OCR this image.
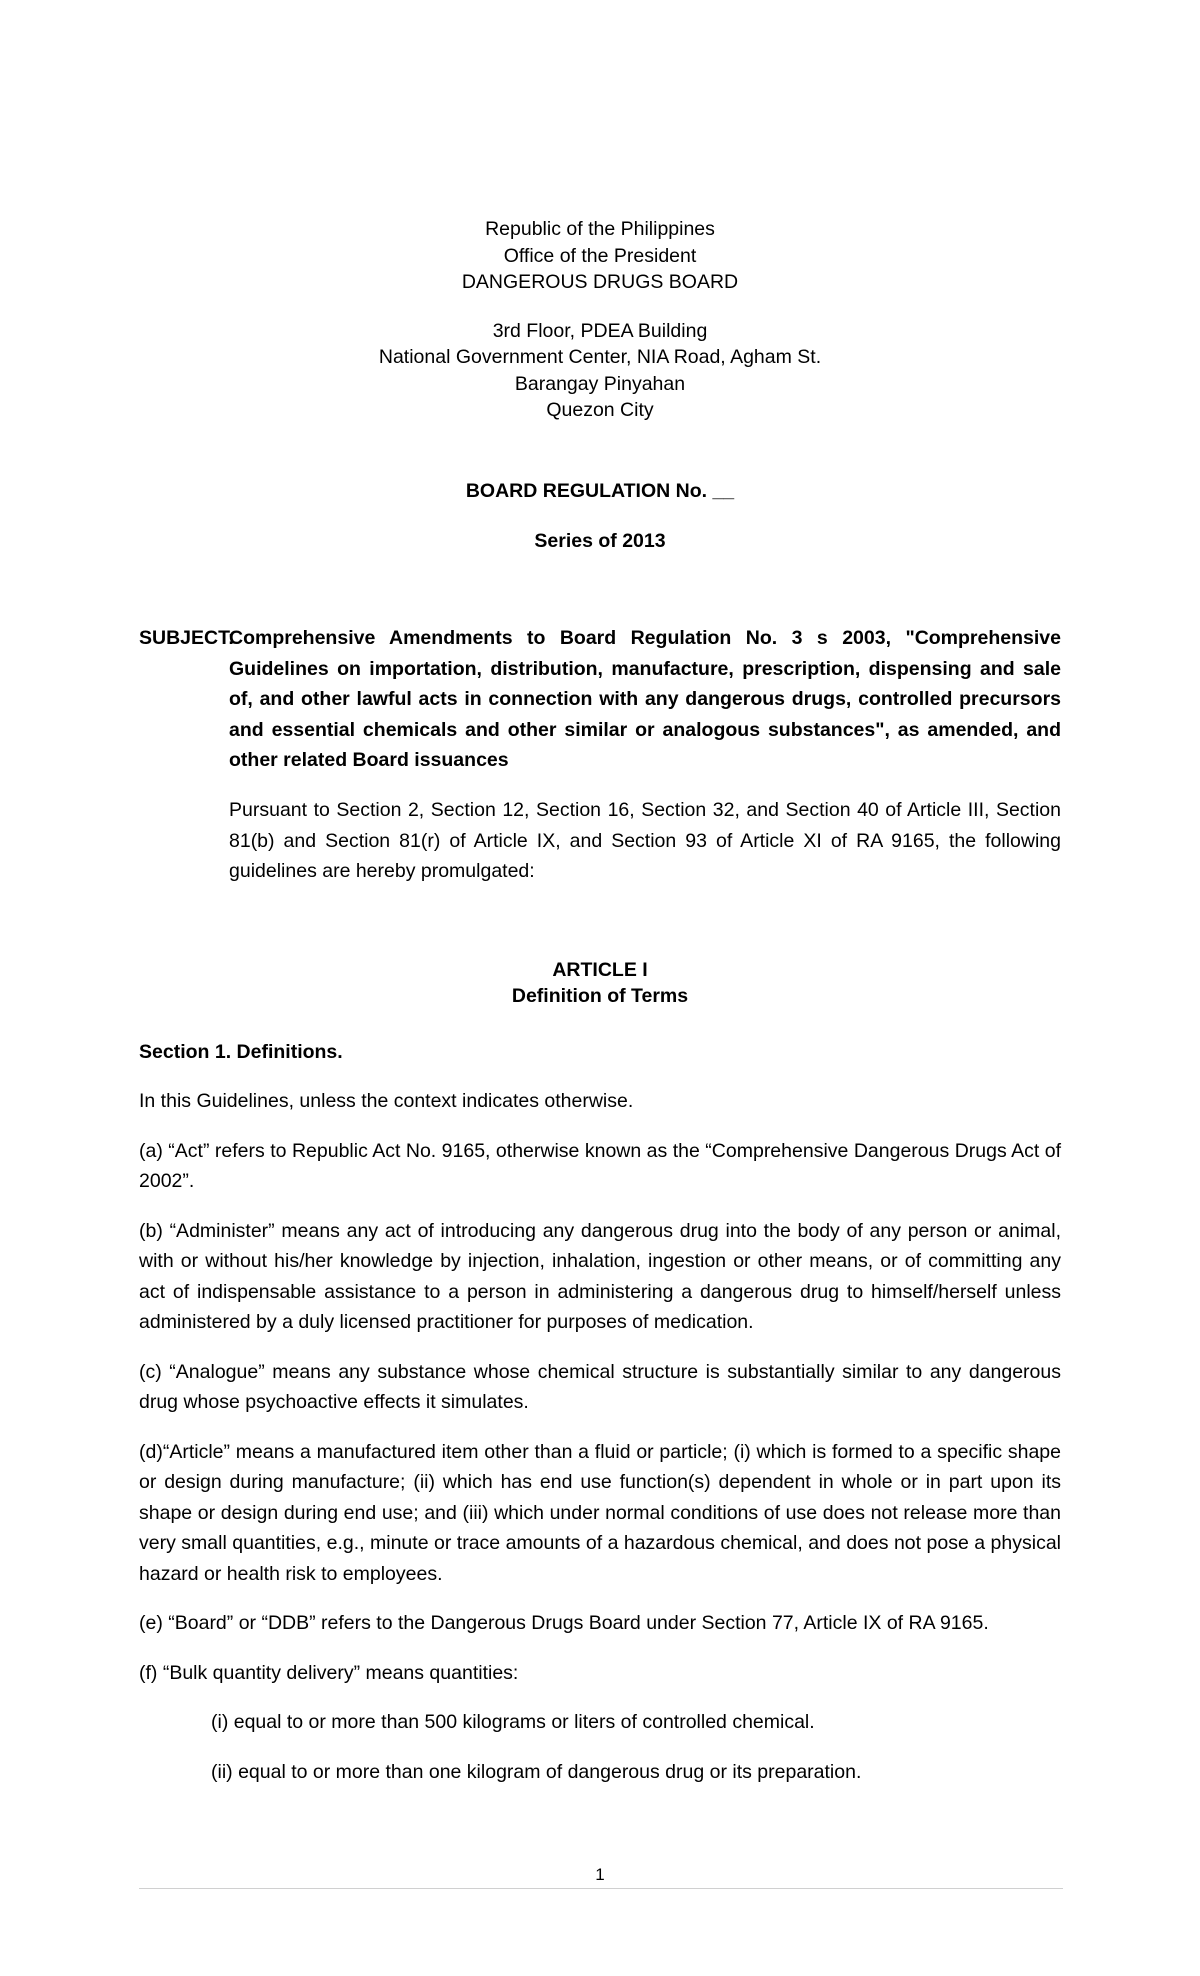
Republic of the Philippines
Office of the President
DANGEROUS DRUGS BOARD
3rd Floor, PDEA Building
National Government Center, NIA Road, Agham St.
Barangay Pinyahan
Quezon City
BOARD REGULATION No. __
Series of 2013
SUBJECT:
Comprehensive Amendments to Board Regulation No. 3 s 2003, "Comprehensive Guidelines on importation, distribution, manufacture, prescription, dispensing and sale of, and other lawful acts in connection with any dangerous drugs, controlled precursors and essential chemicals and other similar or analogous substances", as amended, and other related Board issuances
Pursuant to Section 2, Section 12, Section 16, Section 32, and Section 40 of Article III, Section 81(b) and Section 81(r) of Article IX, and Section 93 of Article XI of RA 9165, the following guidelines are hereby promulgated:
ARTICLE I
Definition of Terms
Section 1. Definitions.

In this Guidelines, unless the context indicates otherwise.

(a) “Act” refers to Republic Act No. 9165, otherwise known as the “Comprehensive Dangerous Drugs Act of 2002”.

(b) “Administer” means any act of introducing any dangerous drug into the body of any person or animal, with or without his/her knowledge by injection, inhalation, ingestion or other means, or of committing any act of indispensable assistance to a person in administering a dangerous drug to himself/herself unless administered by a duly licensed practitioner for purposes of medication.

(c) “Analogue” means any substance whose chemical structure is substantially similar to any dangerous drug whose psychoactive effects it simulates.

(d)“Article” means a manufactured item other than a fluid or particle; (i) which is formed to a specific shape or design during manufacture; (ii) which has end use function(s) dependent in whole or in part upon its shape or design during end use; and (iii) which under normal conditions of use does not release more than very small quantities, e.g., minute or trace amounts of a hazardous chemical, and does not pose a physical hazard or health risk to employees.

(e) “Board” or “DDB” refers to the Dangerous Drugs Board under Section 77, Article IX of RA 9165.

(f) “Bulk quantity delivery” means quantities:

(i) equal to or more than 500 kilograms or liters of controlled chemical.

(ii) equal to or more than one kilogram of dangerous drug or its preparation.

1
